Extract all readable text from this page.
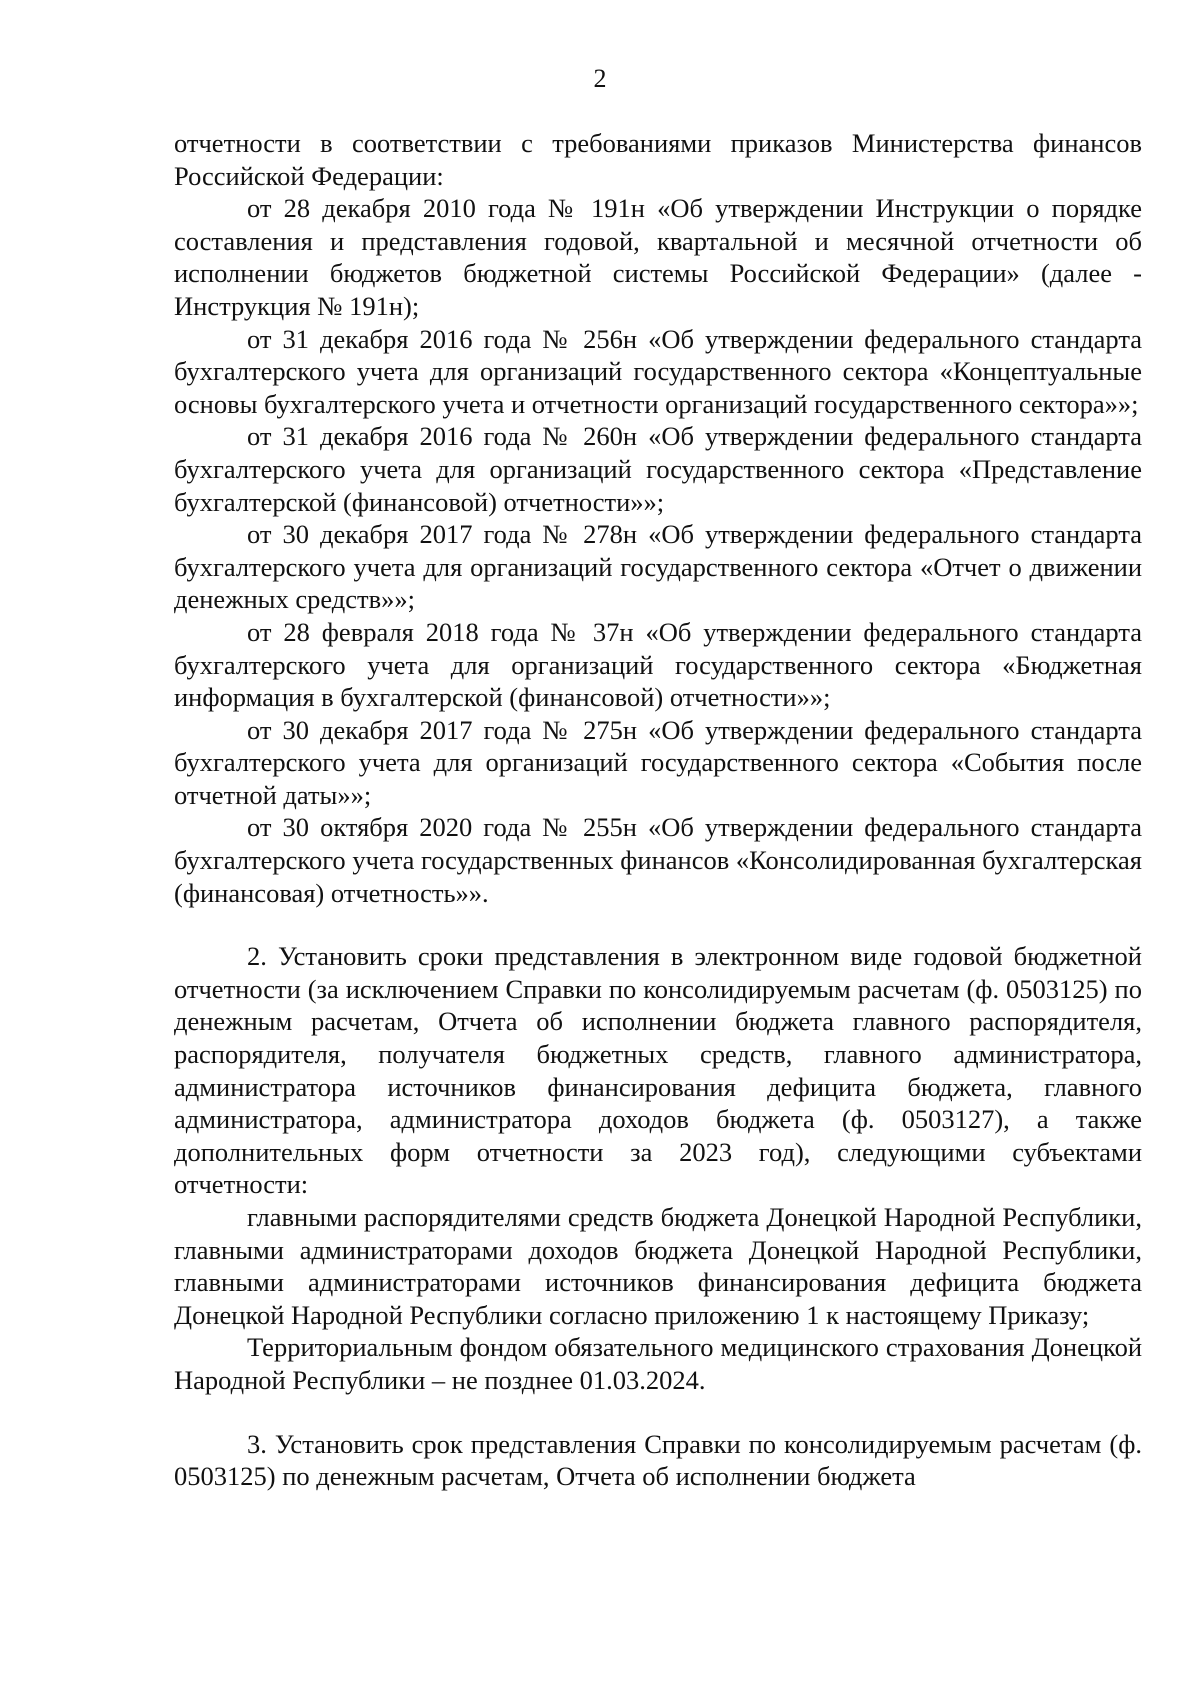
2

отчетности в соответствии с требованиями приказов Министерства финансов Российской Федерации:

от 28 декабря 2010 года № 191н «Об утверждении Инструкции о порядке составления и представления годовой, квартальной и месячной отчетности об исполнении бюджетов бюджетной системы Российской Федерации» (далее - Инструкция № 191н);

от 31 декабря 2016 года № 256н «Об утверждении федерального стандарта бухгалтерского учета для организаций государственного сектора «Концептуальные основы бухгалтерского учета и отчетности организаций государственного сектора»»;

от 31 декабря 2016 года № 260н «Об утверждении федерального стандарта бухгалтерского учета для организаций государственного сектора «Представление бухгалтерской (финансовой) отчетности»»;

от 30 декабря 2017 года № 278н «Об утверждении федерального стандарта бухгалтерского учета для организаций государственного сектора «Отчет о движении денежных средств»»;

от 28 февраля 2018 года № 37н «Об утверждении федерального стандарта бухгалтерского учета для организаций государственного сектора «Бюджетная информация в бухгалтерской (финансовой) отчетности»»;

от 30 декабря 2017 года № 275н «Об утверждении федерального стандарта бухгалтерского учета для организаций государственного сектора «События после отчетной даты»»;

от 30 октября 2020 года № 255н «Об утверждении федерального стандарта бухгалтерского учета государственных финансов «Консолидированная бухгалтерская (финансовая) отчетность»».

2. Установить сроки представления в электронном виде годовой бюджетной отчетности (за исключением Справки по консолидируемым расчетам (ф. 0503125) по денежным расчетам, Отчета об исполнении бюджета главного распорядителя, распорядителя, получателя бюджетных средств, главного администратора, администратора источников финансирования дефицита бюджета, главного администратора, администратора доходов бюджета (ф. 0503127), а также дополнительных форм отчетности за 2023 год), следующими субъектами отчетности:

главными распорядителями средств бюджета Донецкой Народной Республики, главными администраторами доходов бюджета Донецкой Народной Республики, главными администраторами источников финансирования дефицита бюджета Донецкой Народной Республики согласно приложению 1 к настоящему Приказу;

Территориальным фондом обязательного медицинского страхования Донецкой Народной Республики – не позднее 01.03.2024.

3. Установить срок представления Справки по консолидируемым расчетам (ф. 0503125) по денежным расчетам, Отчета об исполнении бюджета
